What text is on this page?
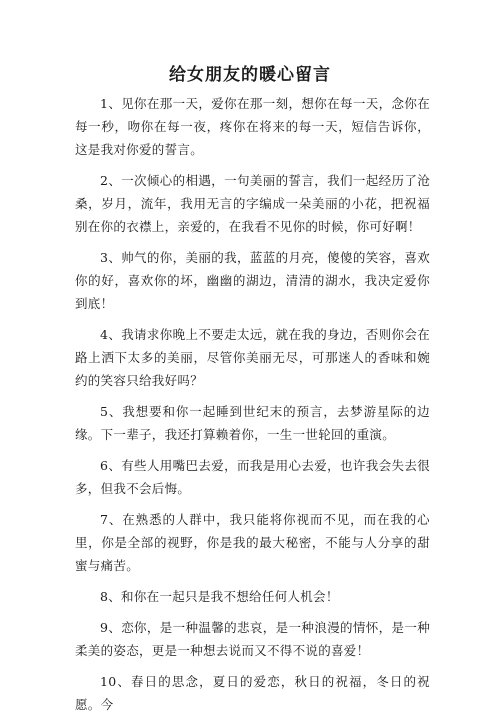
给女朋友的暖心留言

1、见你在那一天，爱你在那一刻，想你在每一天，念你在每一秒，吻你在每一夜，疼你在将来的每一天，短信告诉你，这是我对你爱的誓言。

2、一次倾心的相遇，一句美丽的誓言，我们一起经历了沧桑，岁月，流年，我用无言的字编成一朵美丽的小花，把祝福别在你的衣襟上，亲爱的，在我看不见你的时候，你可好啊！

3、帅气的你，美丽的我，蓝蓝的月亮，傻傻的笑容，喜欢你的好，喜欢你的坏，幽幽的湖边，清清的湖水，我决定爱你到底！

4、我请求你晚上不要走太远，就在我的身边，否则你会在路上洒下太多的美丽，尽管你美丽无尽，可那迷人的香味和婉约的笑容只给我好吗？

5、我想要和你一起睡到世纪末的预言，去梦游星际的边缘。下一辈子，我还打算赖着你，一生一世轮回的重演。

6、有些人用嘴巴去爱，而我是用心去爱，也许我会失去很多，但我不会后悔。

7、在熟悉的人群中，我只能将你视而不见，而在我的心里，你是全部的视野，你是我的最大秘密，不能与人分享的甜蜜与痛苦。

8、和你在一起只是我不想给任何人机会！

9、恋你，是一种温馨的悲哀，是一种浪漫的情怀，是一种柔美的姿态，更是一种想去说而又不得不说的喜爱！

10、春日的思念，夏日的爱恋，秋日的祝福，冬日的祝愿。今
